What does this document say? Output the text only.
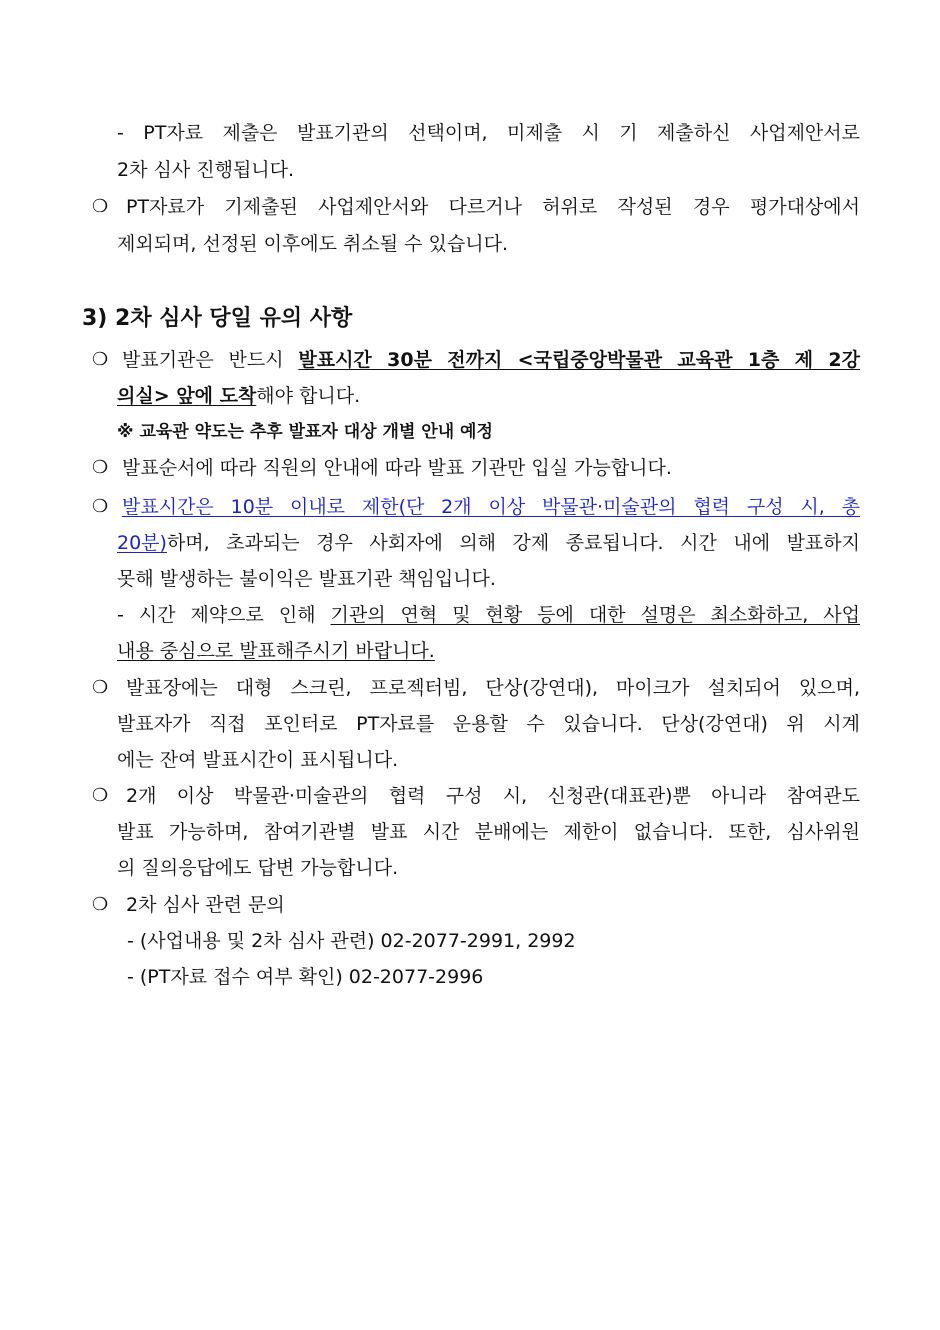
- PT자료 제출은 발표기관의 선택이며, 미제출 시 기 제출하신 사업제안서로
2차 심사 진행됩니다.
❍ PT자료가 기제출된 사업제안서와 다르거나 허위로 작성된 경우 평가대상에서
제외되며, 선정된 이후에도 취소될 수 있습니다.
3) 2차 심사 당일 유의 사항
❍ 발표기관은 반드시 발표시간 30분 전까지 <국립중앙박물관 교육관 1층 제 2강
의실> 앞에 도착해야 합니다.
※ 교육관 약도는 추후 발표자 대상 개별 안내 예정
❍ 발표순서에 따라 직원의 안내에 따라 발표 기관만 입실 가능합니다.
❍ 발표시간은 10분 이내로 제한(단 2개 이상 박물관·미술관의 협력 구성 시, 총
20분)하며, 초과되는 경우 사회자에 의해 강제 종료됩니다. 시간 내에 발표하지
못해 발생하는 불이익은 발표기관 책임입니다.
- 시간 제약으로 인해 기관의 연혁 및 현황 등에 대한 설명은 최소화하고, 사업
내용 중심으로 발표해주시기 바랍니다.
❍ 발표장에는 대형 스크린, 프로젝터빔, 단상(강연대), 마이크가 설치되어 있으며,
발표자가 직접 포인터로 PT자료를 운용할 수 있습니다. 단상(강연대) 위 시계
에는 잔여 발표시간이 표시됩니다.
❍ 2개 이상 박물관·미술관의 협력 구성 시, 신청관(대표관)뿐 아니라 참여관도
발표 가능하며, 참여기관별 발표 시간 분배에는 제한이 없습니다. 또한, 심사위원
의 질의응답에도 답변 가능합니다.
❍ 2차 심사 관련 문의
- (사업내용 및 2차 심사 관련) 02-2077-2991, 2992
- (PT자료 접수 여부 확인) 02-2077-2996
